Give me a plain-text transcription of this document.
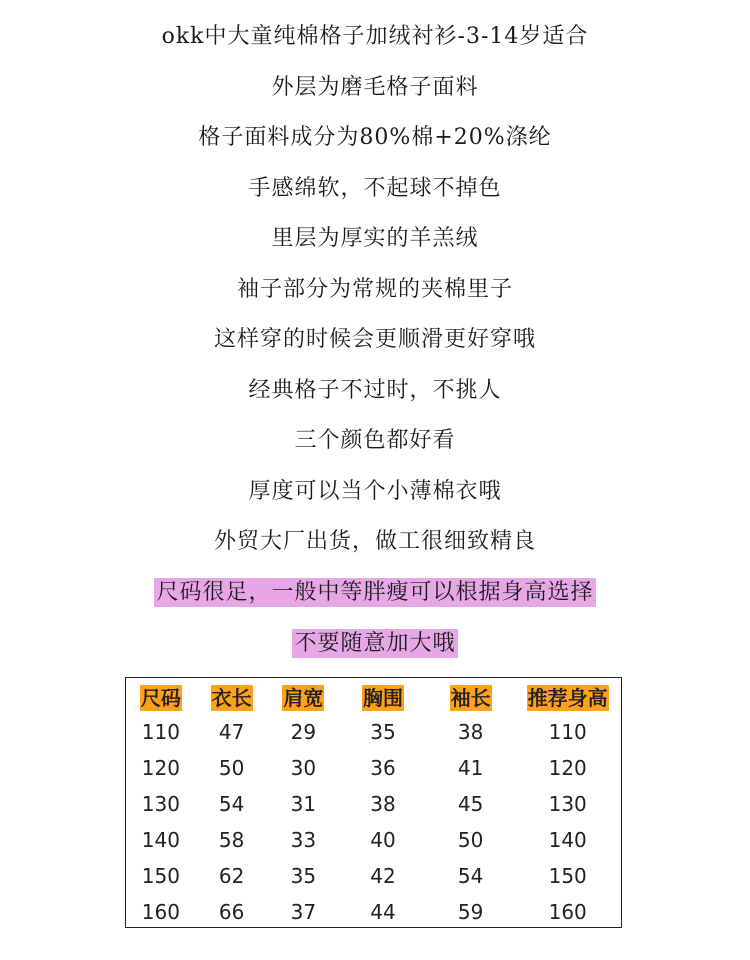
okk中大童纯棉格子加绒衬衫-3-14岁适合
外层为磨毛格子面料
格子面料成分为80%棉+20%涤纶
手感绵软，不起球不掉色
里层为厚实的羊羔绒
袖子部分为常规的夹棉里子
这样穿的时候会更顺滑更好穿哦
经典格子不过时，不挑人
三个颜色都好看
厚度可以当个小薄棉衣哦
外贸大厂出货，做工很细致精良
尺码很足，一般中等胖瘦可以根据身高选择
不要随意加大哦
尺码	衣长	肩宽	胸围	袖长	推荐身高
110	47	29	35	38	110
120	50	30	36	41	120
130	54	31	38	45	130
140	58	33	40	50	140
150	62	35	42	54	150
160	66	37	44	59	160
